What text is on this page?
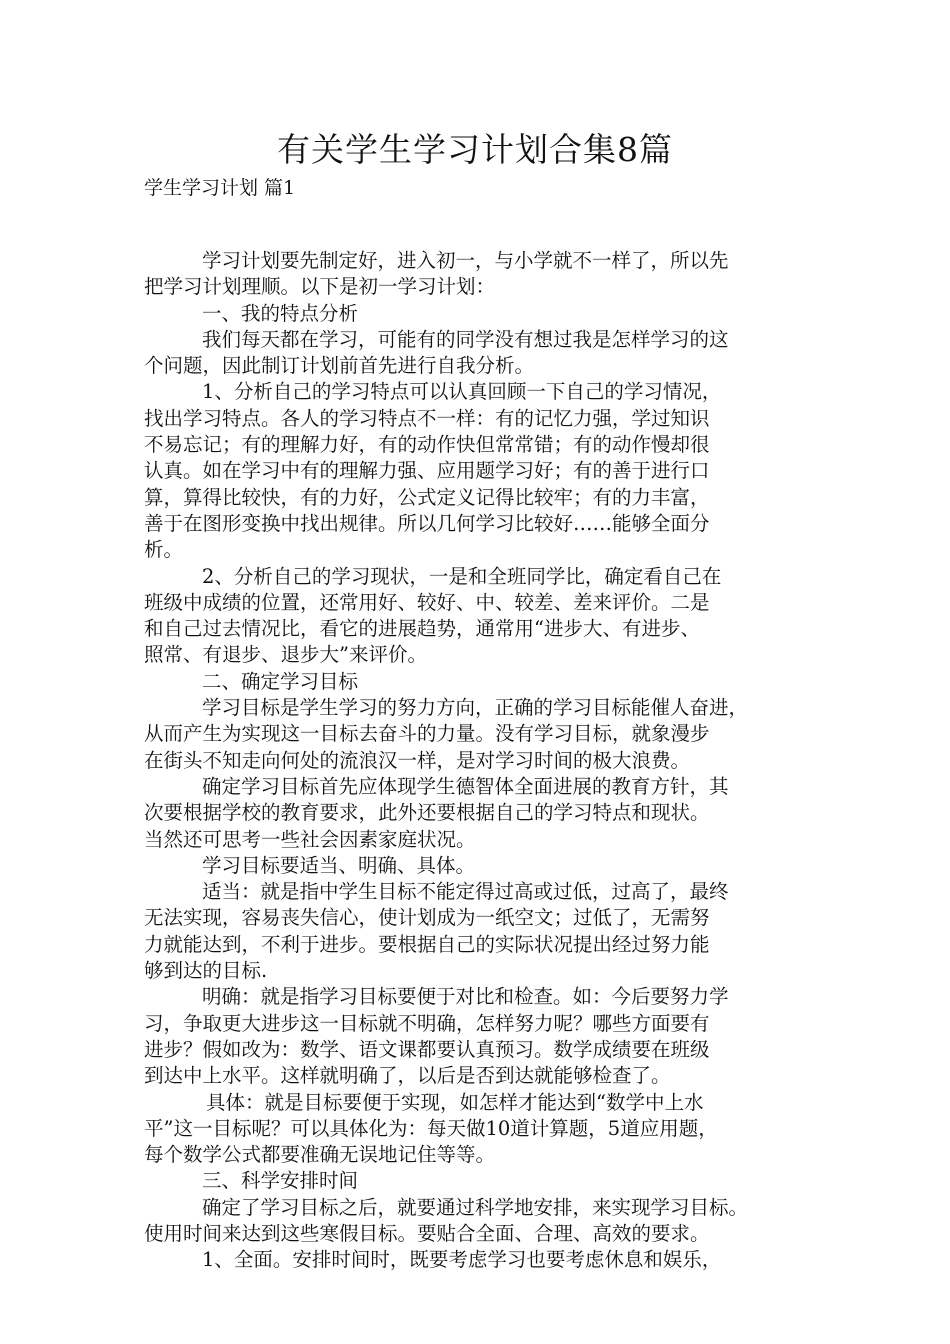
有关学生学习计划合集8篇
学生学习计划 篇1
学习计划要先制定好，进入初一，与小学就不一样了，所以先
把学习计划理顺。以下是初一学习计划：
一、我的特点分析
我们每天都在学习，可能有的同学没有想过我是怎样学习的这
个问题，因此制订计划前首先进行自我分析。
1、分析自己的学习特点可以认真回顾一下自己的学习情况，
找出学习特点。各人的学习特点不一样：有的记忆力强，学过知识
不易忘记；有的理解力好，有的动作快但常常错；有的动作慢却很
认真。如在学习中有的理解力强、应用题学习好；有的善于进行口
算，算得比较快，有的力好，公式定义记得比较牢；有的力丰富，
善于在图形变换中找出规律。所以几何学习比较好……能够全面分
析。
2、分析自己的学习现状，一是和全班同学比，确定看自己在
班级中成绩的位置，还常用好、较好、中、较差、差来评价。二是
和自己过去情况比，看它的进展趋势，通常用“进步大、有进步、
照常、有退步、退步大”来评价。
二、确定学习目标
学习目标是学生学习的努力方向，正确的学习目标能催人奋进，
从而产生为实现这一目标去奋斗的力量。没有学习目标，就象漫步
在街头不知走向何处的流浪汉一样，是对学习时间的极大浪费。
确定学习目标首先应体现学生德智体全面进展的教育方针，其
次要根据学校的教育要求，此外还要根据自己的学习特点和现状。
当然还可思考一些社会因素家庭状况。
学习目标要适当、明确、具体。
适当：就是指中学生目标不能定得过高或过低，过高了，最终
无法实现，容易丧失信心，使计划成为一纸空文；过低了，无需努
力就能达到，不利于进步。要根据自己的实际状况提出经过努力能
够到达的目标.
明确：就是指学习目标要便于对比和检查。如：今后要努力学
习，争取更大进步这一目标就不明确，怎样努力呢？哪些方面要有
进步？假如改为：数学、语文课都要认真预习。数学成绩要在班级
到达中上水平。这样就明确了，以后是否到达就能够检查了。
具体：就是目标要便于实现，如怎样才能达到“数学中上水
平”这一目标呢？可以具体化为：每天做10道计算题，5道应用题，
每个数学公式都要准确无误地记住等等。
三、科学安排时间
确定了学习目标之后，就要通过科学地安排，来实现学习目标。
使用时间来达到这些寒假目标。要贴合全面、合理、高效的要求。
1、全面。安排时间时，既要考虑学习也要考虑休息和娱乐，
